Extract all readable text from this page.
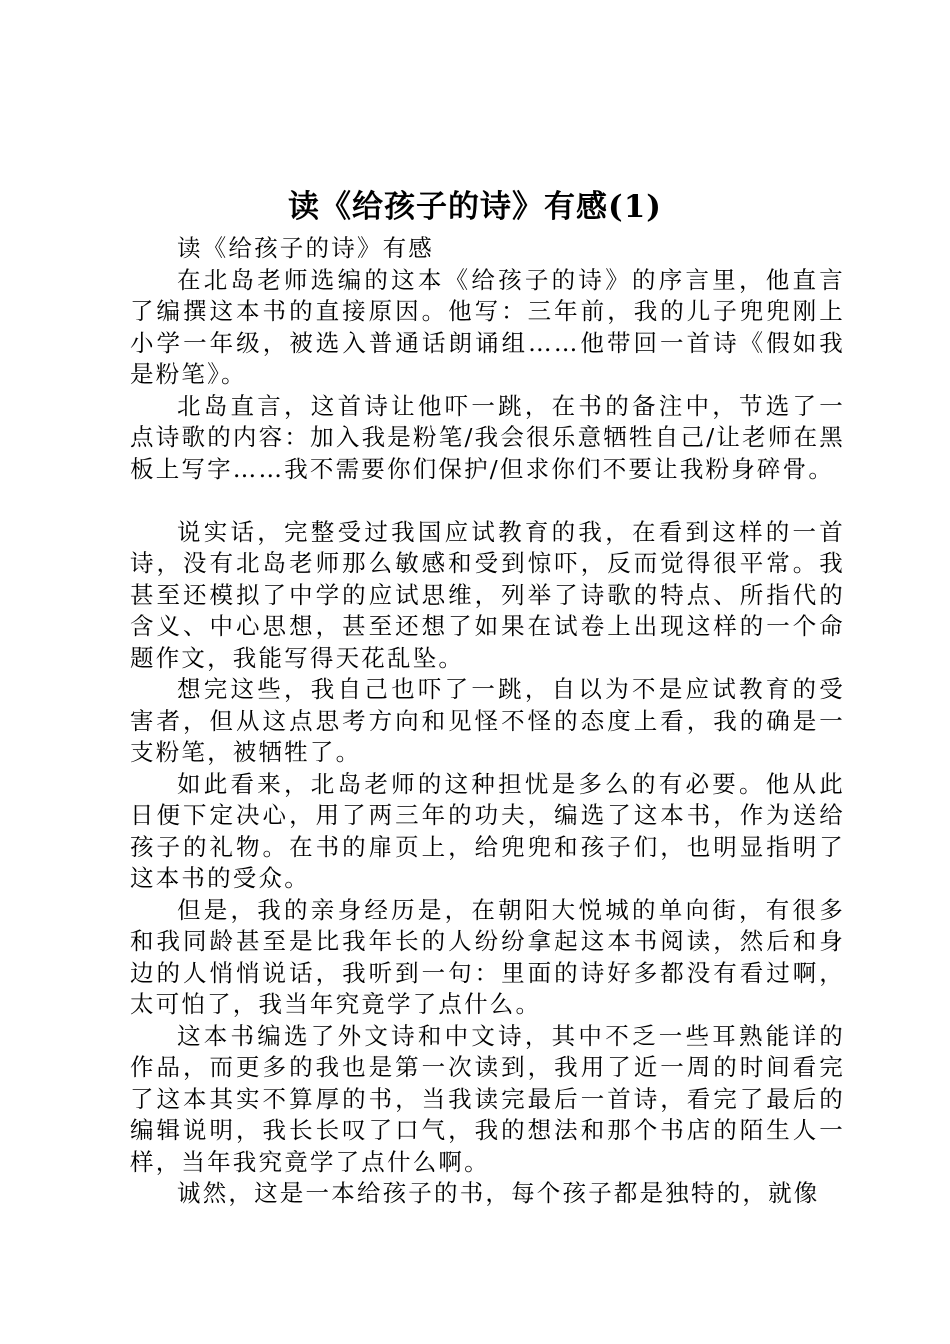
读《给孩子的诗》有感(1)

读《给孩子的诗》有感

在北岛老师选编的这本《给孩子的诗》的序言里，他直言了编撰这本书的直接原因。他写：三年前，我的儿子兜兜刚上小学一年级，被选入普通话朗诵组……他带回一首诗《假如我是粉笔》。

北岛直言，这首诗让他吓一跳，在书的备注中，节选了一点诗歌的内容：加入我是粉笔/我会很乐意牺牲自己/让老师在黑板上写字……我不需要你们保护/但求你们不要让我粉身碎骨。

说实话，完整受过我国应试教育的我，在看到这样的一首诗，没有北岛老师那么敏感和受到惊吓，反而觉得很平常。我甚至还模拟了中学的应试思维，列举了诗歌的特点、所指代的含义、中心思想，甚至还想了如果在试卷上出现这样的一个命题作文，我能写得天花乱坠。

想完这些，我自己也吓了一跳，自以为不是应试教育的受害者，但从这点思考方向和见怪不怪的态度上看，我的确是一支粉笔，被牺牲了。

如此看来，北岛老师的这种担忧是多么的有必要。他从此日便下定决心，用了两三年的功夫，编选了这本书，作为送给孩子的礼物。在书的扉页上，给兜兜和孩子们，也明显指明了这本书的受众。

但是，我的亲身经历是，在朝阳大悦城的单向街，有很多和我同龄甚至是比我年长的人纷纷拿起这本书阅读，然后和身边的人悄悄说话，我听到一句：里面的诗好多都没有看过啊，太可怕了，我当年究竟学了点什么。

这本书编选了外文诗和中文诗，其中不乏一些耳熟能详的作品，而更多的我也是第一次读到，我用了近一周的时间看完了这本其实不算厚的书，当我读完最后一首诗，看完了最后的编辑说明，我长长叹了口气，我的想法和那个书店的陌生人一样，当年我究竟学了点什么啊。

诚然，这是一本给孩子的书，每个孩子都是独特的，就像
